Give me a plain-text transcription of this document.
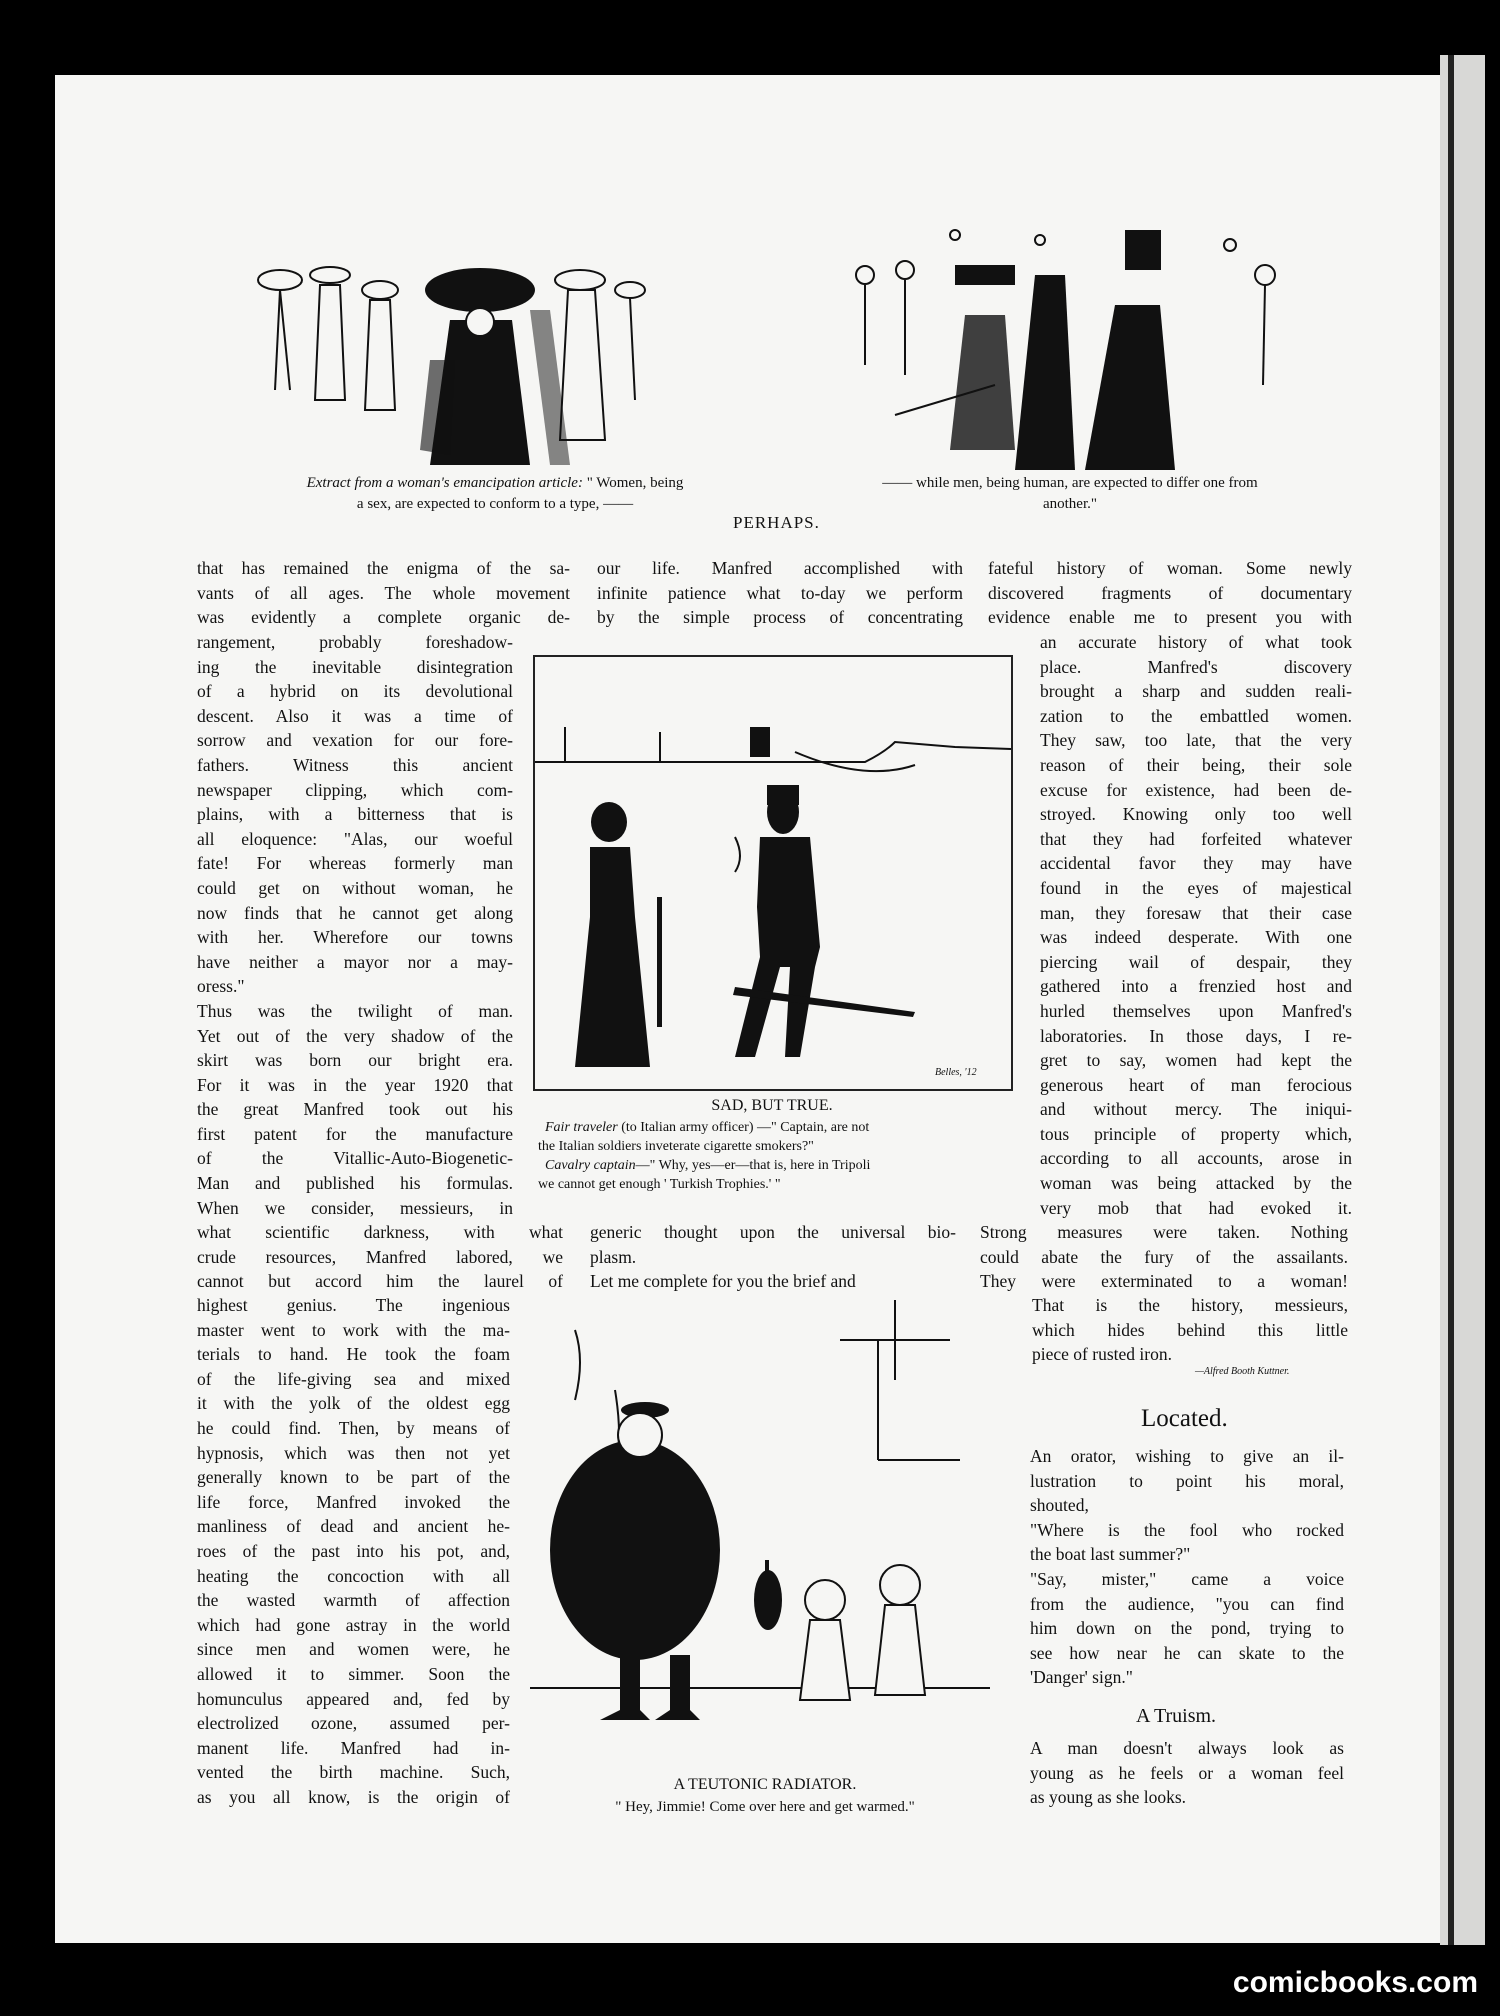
Extract from a woman's emancipation article: " Women, being
a sex, are expected to conform to a type, ——
—— while men, being human, are expected to differ one from
another."
PERHAPS.
that has remained the enigma of the sa-
vants of all ages. The whole movement
was evidently a complete organic de-
rangement, probably foreshadow-
ing the inevitable disintegration
of a hybrid on its devolutional
descent. Also it was a time of
sorrow and vexation for our fore-
fathers. Witness this ancient
newspaper clipping, which com-
plains, with a bitterness that is
all eloquence: "Alas, our woeful
fate! For whereas formerly man
could get on without woman, he
now finds that he cannot get along
with her. Wherefore our towns
have neither a mayor nor a may-
oress."
Thus was the twilight of man.
Yet out of the very shadow of the
skirt was born our bright era.
For it was in the year 1920 that
the great Manfred took out his
first patent for the manufacture
of the Vitallic-Auto-Biogenetic-
Man and published his formulas.
When we consider, messieurs, in
what scientific darkness, with what
crude resources, Manfred labored, we
cannot but accord him the laurel of
highest genius. The ingenious
master went to work with the ma-
terials to hand. He took the foam
of the life-giving sea and mixed
it with the yolk of the oldest egg
he could find. Then, by means of
hypnosis, which was then not yet
generally known to be part of the
life force, Manfred invoked the
manliness of dead and ancient he-
roes of the past into his pot, and,
heating the concoction with all
the wasted warmth of affection
which had gone astray in the world
since men and women were, he
allowed it to simmer. Soon the
homunculus appeared and, fed by
electrolized ozone, assumed per-
manent life. Manfred had in-
vented the birth machine. Such,
as you all know, is the origin of
our life. Manfred accomplished with
infinite patience what to-day we perform
by the simple process of concentrating
Belles, '12
SAD, BUT TRUE.
Fair traveler (to Italian army officer) —" Captain, are not
the Italian soldiers inveterate cigarette smokers?"
Cavalry captain—" Why, yes—er—that is, here in Tripoli
we cannot get enough ' Turkish Trophies.' "
generic thought upon the universal bio-
plasm.
Let me complete for you the brief and
A TEUTONIC RADIATOR.
" Hey, Jimmie! Come over here and get warmed."
fateful history of woman. Some newly
discovered fragments of documentary
evidence enable me to present you with
an accurate history of what took
place. Manfred's discovery
brought a sharp and sudden reali-
zation to the embattled women.
They saw, too late, that the very
reason of their being, their sole
excuse for existence, had been de-
stroyed. Knowing only too well
that they had forfeited whatever
accidental favor they may have
found in the eyes of majestical
man, they foresaw that their case
was indeed desperate. With one
piercing wail of despair, they
gathered into a frenzied host and
hurled themselves upon Manfred's
laboratories. In those days, I re-
gret to say, women had kept the
generous heart of man ferocious
and without mercy. The iniqui-
tous principle of property which,
according to all accounts, arose in
woman was being attacked by the
very mob that had evoked it.
Strong measures were taken. Nothing
could abate the fury of the assailants.
They were exterminated to a woman!
That is the history, messieurs,
which hides behind this little
piece of rusted iron.
—Alfred Booth Kuttner.
Located.
An orator, wishing to give an il-
lustration to point his moral,
shouted,
"Where is the fool who rocked
the boat last summer?"
"Say, mister," came a voice
from the audience, "you can find
him down on the pond, trying to
see how near he can skate to the
'Danger' sign."
A Truism.
A man doesn't always look as
young as he feels or a woman feel
as young as she looks.
comicbooks.com
